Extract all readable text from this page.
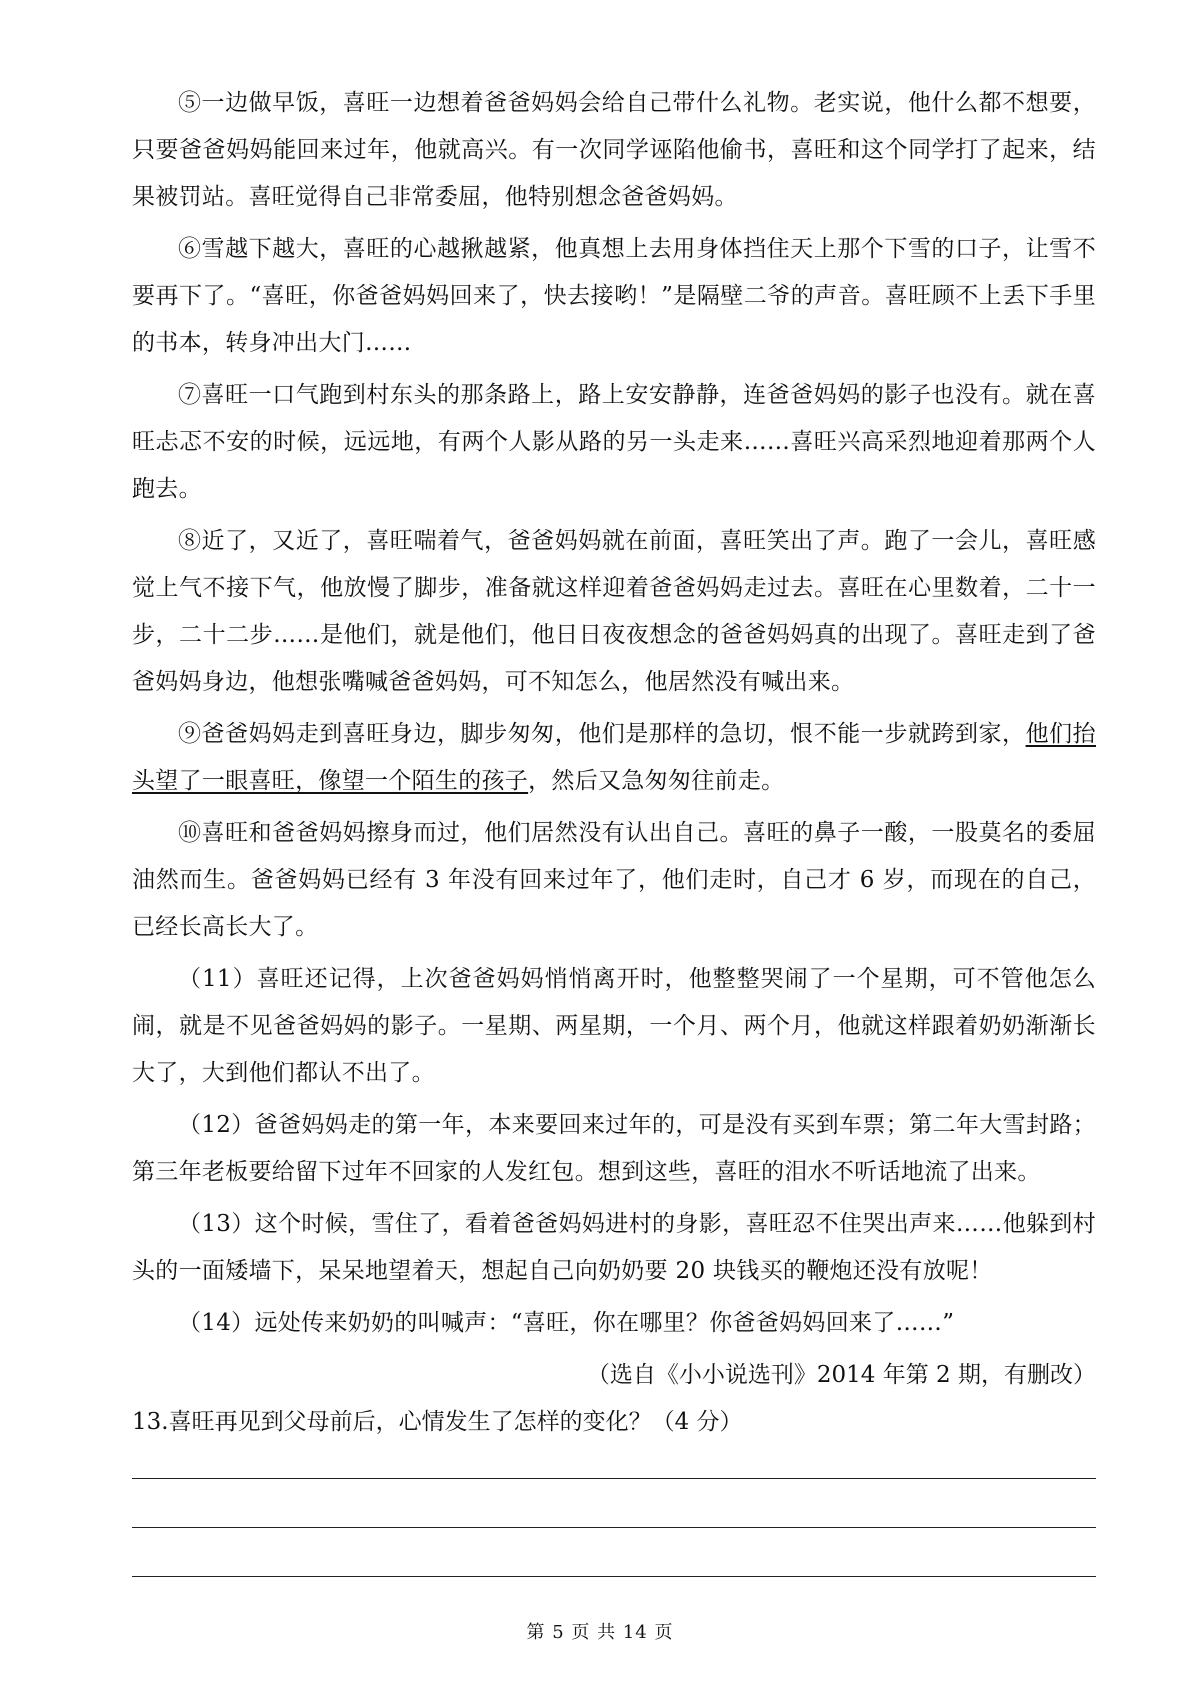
⑤一边做早饭，喜旺一边想着爸爸妈妈会给自己带什么礼物。老实说，他什么都不想要，只要爸爸妈妈能回来过年，他就高兴。有一次同学诬陷他偷书，喜旺和这个同学打了起来，结果被罚站。喜旺觉得自己非常委屈，他特别想念爸爸妈妈。

⑥雪越下越大，喜旺的心越揪越紧，他真想上去用身体挡住天上那个下雪的口子，让雪不要再下了。“喜旺，你爸爸妈妈回来了，快去接哟！”是隔壁二爷的声音。喜旺顾不上丢下手里的书本，转身冲出大门……

⑦喜旺一口气跑到村东头的那条路上，路上安安静静，连爸爸妈妈的影子也没有。就在喜旺忐忑不安的时候，远远地，有两个人影从路的另一头走来……喜旺兴高采烈地迎着那两个人跑去。

⑧近了，又近了，喜旺喘着气，爸爸妈妈就在前面，喜旺笑出了声。跑了一会儿，喜旺感觉上气不接下气，他放慢了脚步，准备就这样迎着爸爸妈妈走过去。喜旺在心里数着，二十一步，二十二步……是他们，就是他们，他日日夜夜想念的爸爸妈妈真的出现了。喜旺走到了爸爸妈妈身边，他想张嘴喊爸爸妈妈，可不知怎么，他居然没有喊出来。

⑨爸爸妈妈走到喜旺身边，脚步匆匆，他们是那样的急切，恨不能一步就跨到家，他们抬头望了一眼喜旺，像望一个陌生的孩子，然后又急匆匆往前走。

⑩喜旺和爸爸妈妈擦身而过，他们居然没有认出自己。喜旺的鼻子一酸，一股莫名的委屈油然而生。爸爸妈妈已经有 3 年没有回来过年了，他们走时，自己才 6 岁，而现在的自己，已经长高长大了。

（11）喜旺还记得，上次爸爸妈妈悄悄离开时，他整整哭闹了一个星期，可不管他怎么闹，就是不见爸爸妈妈的影子。一星期、两星期，一个月、两个月，他就这样跟着奶奶渐渐长大了，大到他们都认不出了。

（12）爸爸妈妈走的第一年，本来要回来过年的，可是没有买到车票；第二年大雪封路；第三年老板要给留下过年不回家的人发红包。想到这些，喜旺的泪水不听话地流了出来。

（13）这个时候，雪住了，看着爸爸妈妈进村的身影，喜旺忍不住哭出声来……他躲到村头的一面矮墙下，呆呆地望着天，想起自己向奶奶要 20 块钱买的鞭炮还没有放呢！

（14）远处传来奶奶的叫喊声：“喜旺，你在哪里？你爸爸妈妈回来了……”

（选自《小小说选刊》2014 年第 2 期，有删改）

13.喜旺再见到父母前后，心情发生了怎样的变化？（4 分）

第 5 页 共 14 页
